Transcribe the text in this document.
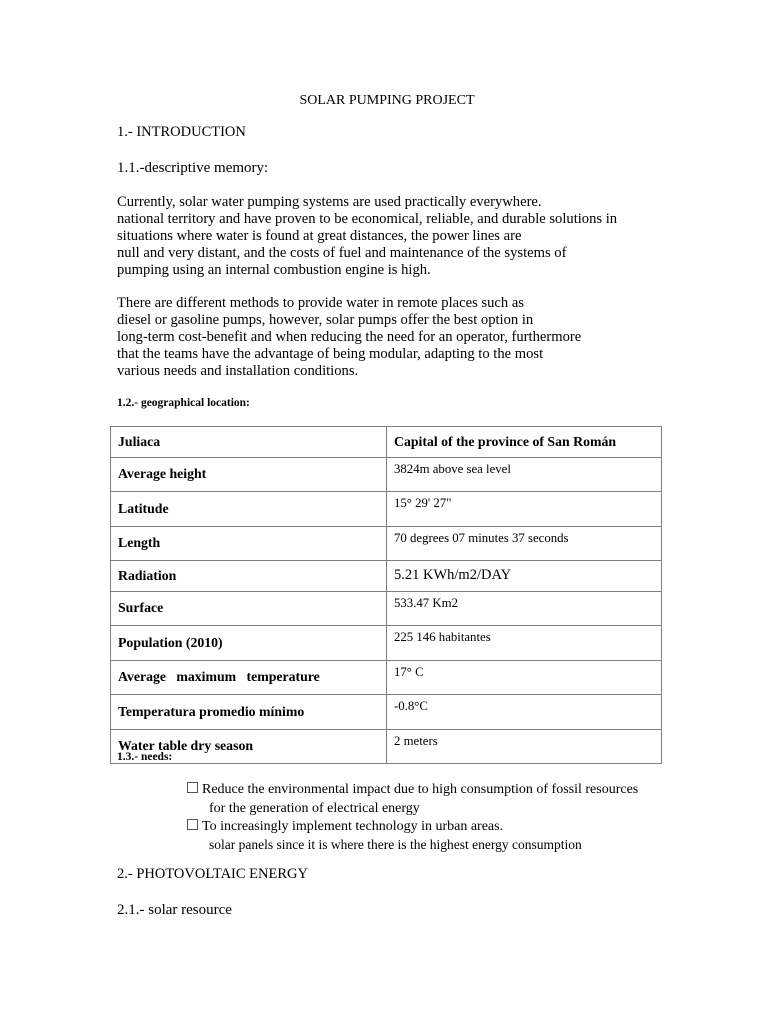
SOLAR PUMPING PROJECT
1.- INTRODUCTION
1.1.-descriptive memory:
Currently, solar water pumping systems are used practically everywhere.
national territory and have proven to be economical, reliable, and durable solutions in
situations where water is found at great distances, the power lines are
null and very distant, and the costs of fuel and maintenance of the systems of
pumping using an internal combustion engine is high.
There are different methods to provide water in remote places such as
diesel or gasoline pumps, however, solar pumps offer the best option in
long-term cost-benefit and when reducing the need for an operator, furthermore
that the teams have the advantage of being modular, adapting to the most
various needs and installation conditions.
1.2.- geographical location:
Juliaca	Capital of the province of San Román
Average height	3824m above sea level
Latitude	15° 29' 27"
Length	70 degrees 07 minutes 37 seconds
Radiation	5.21 KWh/m2/DAY
Surface	533.47 Km2
Population (2010)	225 146 habitantes
Average   maximum   temperature	17° C
Temperatura promedio mínimo	-0.8°C
Water table dry season	2 meters
1.3.- needs:
Reduce the environmental impact due to high consumption of fossil resources
for the generation of electrical energy
To increasingly implement technology in urban areas.
solar panels since it is where there is the highest energy consumption
2.- PHOTOVOLTAIC ENERGY
2.1.- solar resource
